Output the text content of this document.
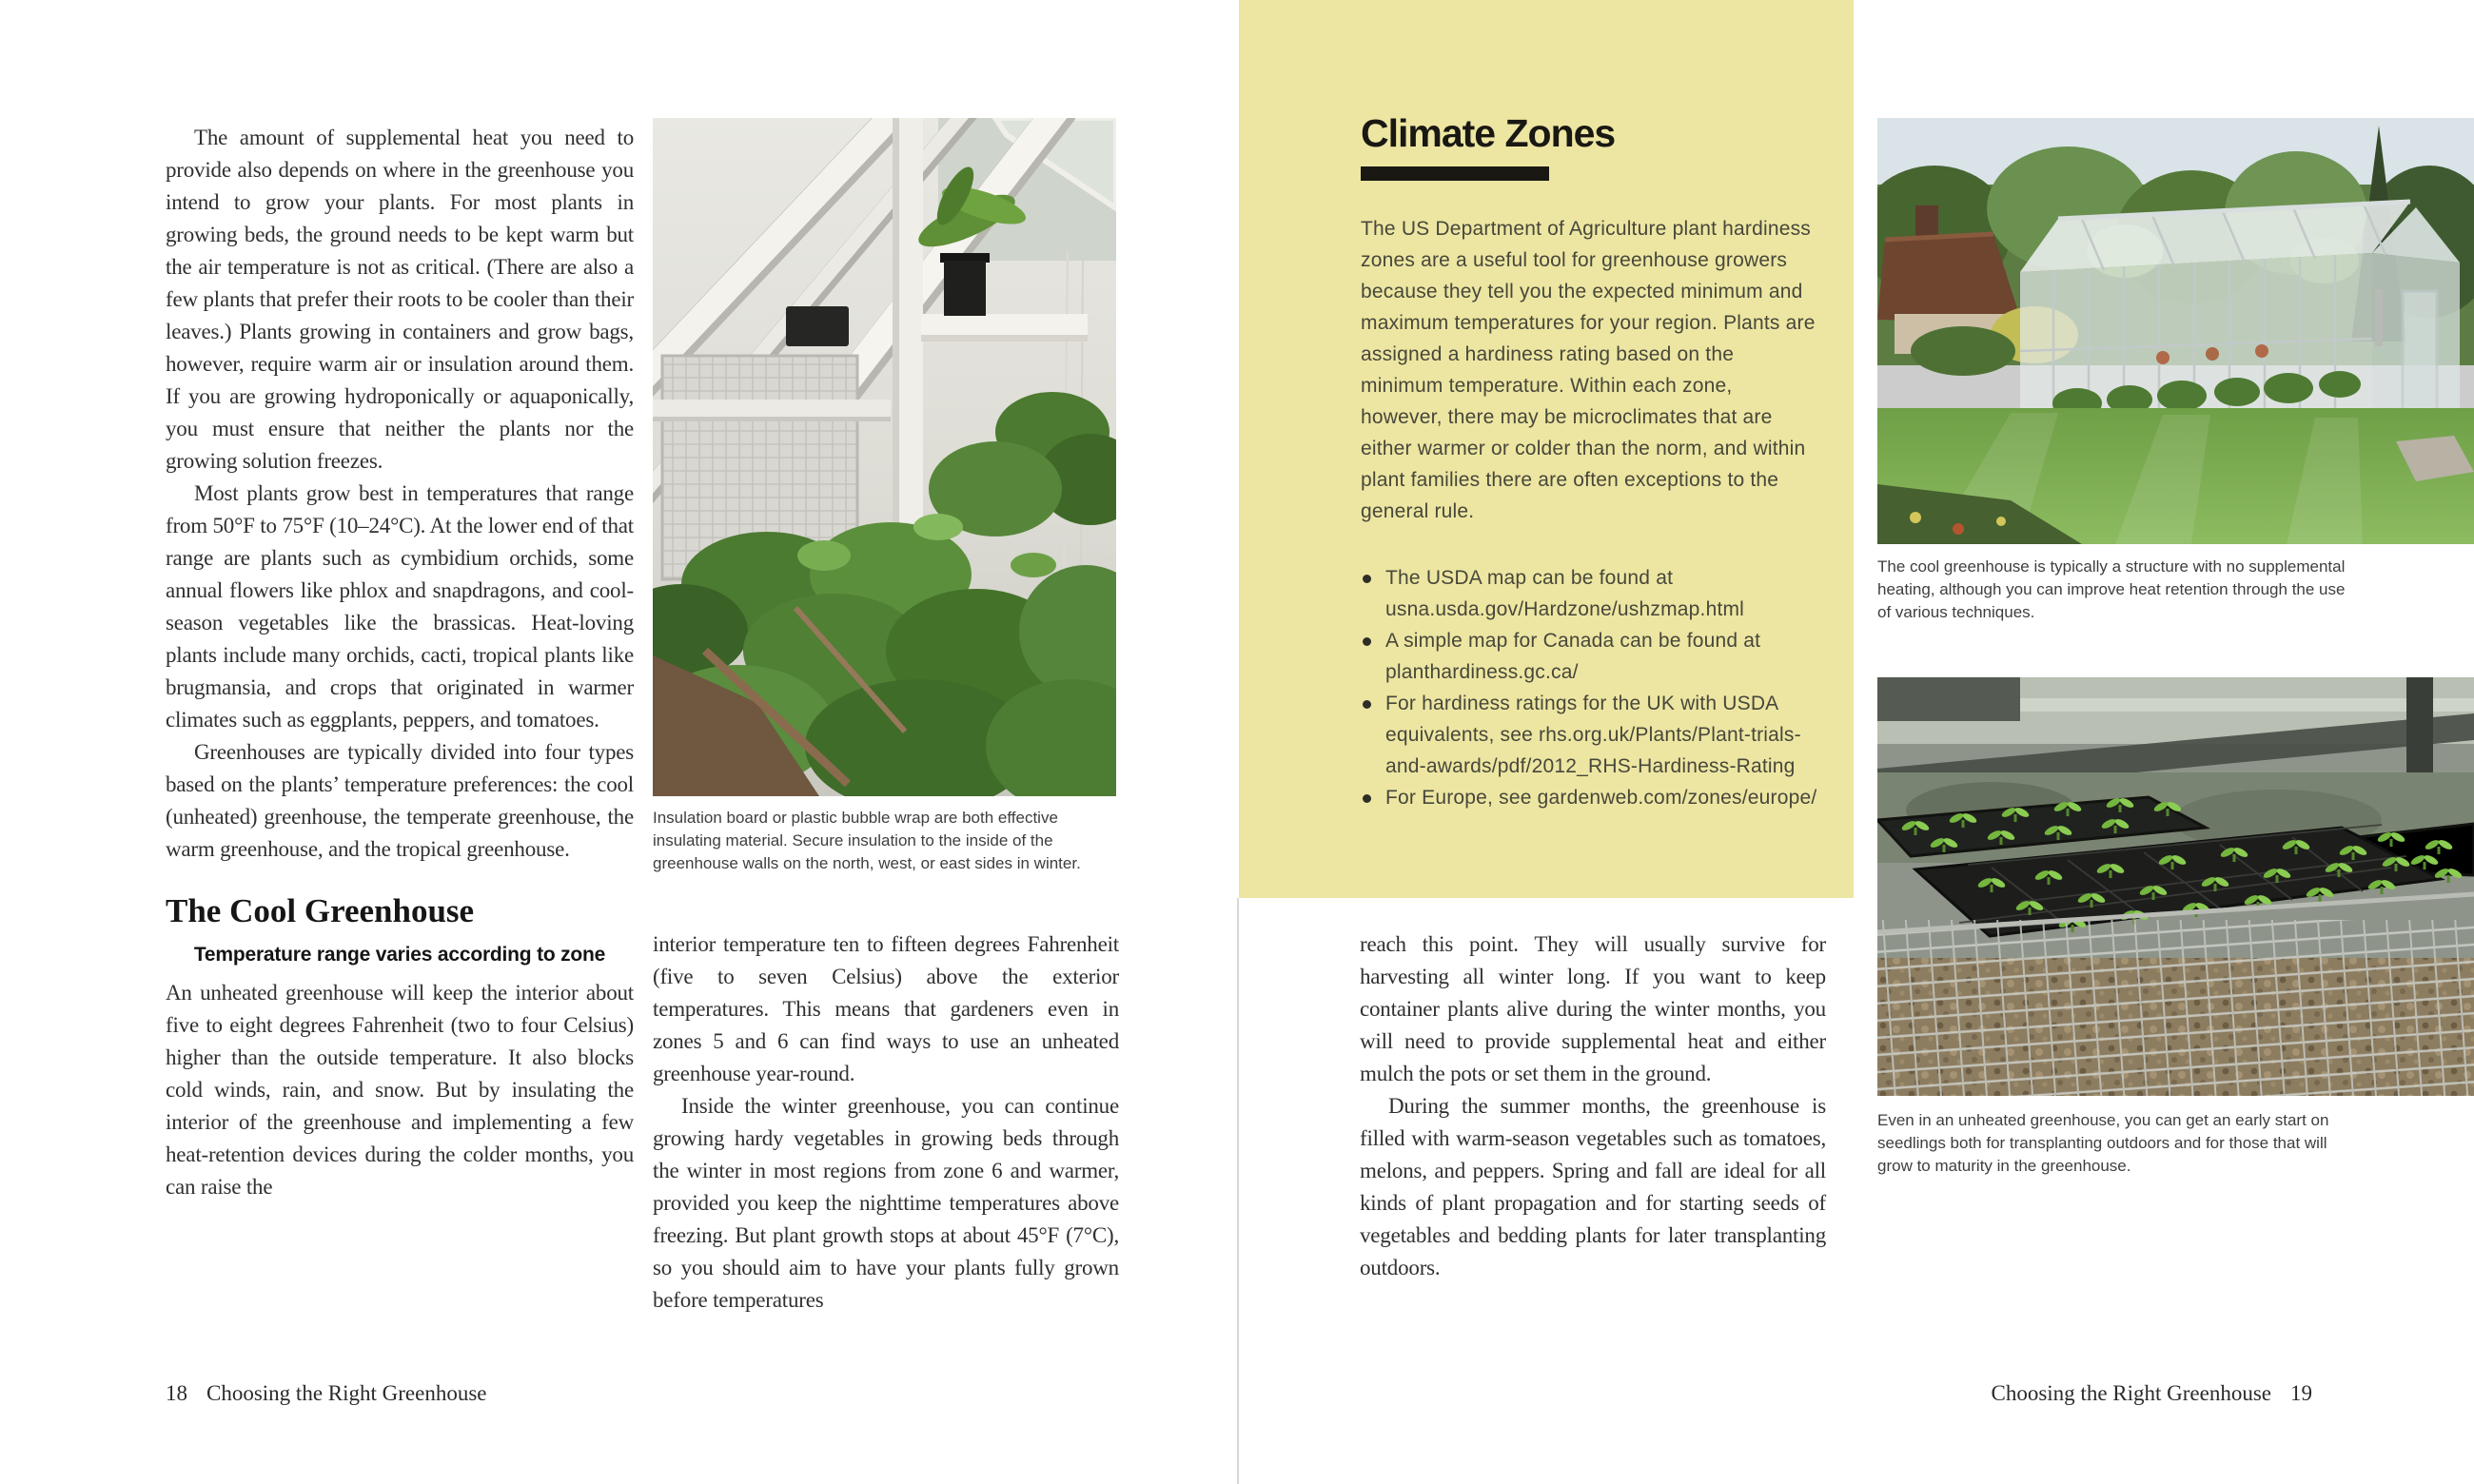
The amount of supplemental heat you need to provide also depends on where in the greenhouse you intend to grow your plants. For most plants in growing beds, the ground needs to be kept warm but the air temperature is not as critical. (There are also a few plants that prefer their roots to be cooler than their leaves.) Plants growing in containers and grow bags, however, require warm air or insulation around them. If you are growing hydroponically or aquaponically, you must ensure that neither the plants nor the growing solution freezes.

Most plants grow best in temperatures that range from 50°F to 75°F (10–24°C). At the lower end of that range are plants such as cymbidium orchids, some annual flowers like phlox and snapdragons, and cool-season vegetables like the brassicas. Heat-loving plants include many orchids, cacti, tropical plants like brugmansia, and crops that originated in warmer climates such as eggplants, peppers, and tomatoes.

Greenhouses are typically divided into four types based on the plants’ temperature preferences: the cool (unheated) greenhouse, the temperate greenhouse, the warm greenhouse, and the tropical greenhouse.

The Cool Greenhouse
Temperature range varies according to zone

An unheated greenhouse will keep the interior about five to eight degrees Fahrenheit (two to four Celsius) higher than the outside temperature. It also blocks cold winds, rain, and snow. But by insulating the interior of the greenhouse and implementing a few heat-retention devices during the colder months, you can raise the

Insulation board or plastic bubble wrap are both effective insulating material. Secure insulation to the inside of the greenhouse walls on the north, west, or east sides in winter.

interior temperature ten to fifteen degrees Fahrenheit (five to seven Celsius) above the exterior temperatures. This means that gardeners even in zones 5 and 6 can find ways to use an unheated greenhouse year-round.

Inside the winter greenhouse, you can continue growing hardy vegetables in growing beds through the winter in most regions from zone 6 and warmer, provided you keep the nighttime temperatures above freezing. But plant growth stops at about 45°F (7°C), so you should aim to have your plants fully grown before temperatures

18 Choosing the Right Greenhouse
Climate Zones
The US Department of Agriculture plant hardiness zones are a useful tool for greenhouse growers because they tell you the expected minimum and maximum temperatures for your region. Plants are assigned a hardiness rating based on the minimum temperature. Within each zone, however, there may be microclimates that are either warmer or colder than the norm, and within plant families there are often exceptions to the general rule.
The USDA map can be found at usna.usda.gov/Hardzone/ushzmap.html
A simple map for Canada can be found at planthardiness.gc.ca/
For hardiness ratings for the UK with USDA equivalents, see rhs.org.uk/Plants/Plant-trials-and-awards/pdf/2012_RHS-Hardiness-Rating
For Europe, see gardenweb.com/zones/europe/
The cool greenhouse is typically a structure with no supplemental heating, although you can improve heat retention through the use of various techniques.
Even in an unheated greenhouse, you can get an early start on seedlings both for transplanting outdoors and for those that will grow to maturity in the greenhouse.

reach this point. They will usually survive for harvesting all winter long. If you want to keep container plants alive during the winter months, you will need to provide supplemental heat and either mulch the pots or set them in the ground.

During the summer months, the greenhouse is filled with warm-season vegetables such as tomatoes, melons, and peppers. Spring and fall are ideal for all kinds of plant propagation and for starting seeds of vegetables and bedding plants for later transplanting outdoors.

Choosing the Right Greenhouse 19
